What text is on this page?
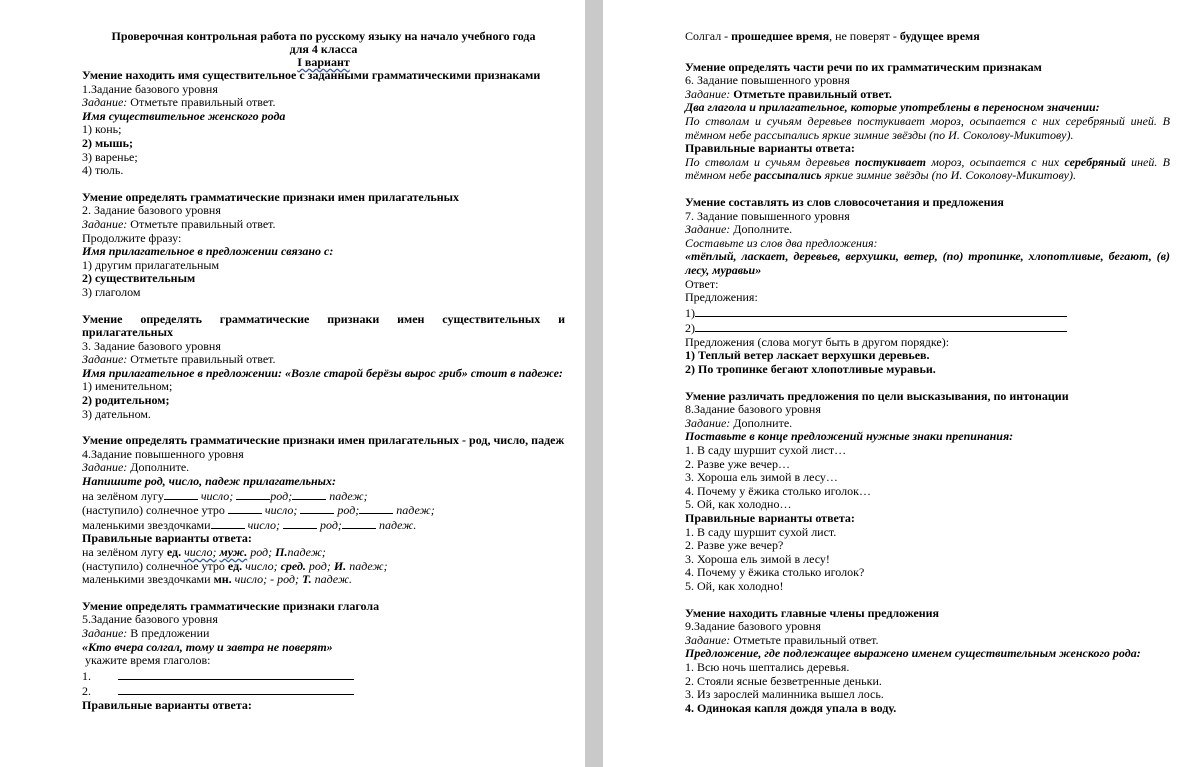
Проверочная контрольная работа по русскому языку на начало учебного года
для 4 класса
I вариант
Умение находить имя существительное с заданными грамматическими признаками
1.Задание базового уровня
Задание: Отметьте правильный ответ.
Имя существительное женского рода
1) конь;
2) мышь;
3) варенье;
4) тюль.
Умение определять грамматические признаки имен прилагательных
2. Задание базового уровня
Задание: Отметьте правильный ответ.
Продолжите фразу:
Имя прилагательное в предложении связано с:
1) другим прилагательным
2) существительным
3) глаголом
Умение определять грамматические признаки имен существительных и прилагательных
3. Задание базового уровня
Задание: Отметьте правильный ответ.
Имя прилагательное в предложении: «Возле старой берёзы вырос гриб» стоит в падеже:
1) именительном;
2) родительном;
3) дательном.
Умение определять грамматические признаки имен прилагательных - род, число, падеж
4.Задание повышенного уровня
Задание: Дополните.
Напишите род, число, падеж прилагательных:
на зелёном лугу	число;	род;	падеж;
(наступило) солнечное утро	число;	род;	падеж;
маленькими звездочками	число;	род;	падеж.
Правильные варианты ответа:
на зелёном лугу ед. число; муж. род; П.падеж;
(наступило) солнечное утро ед. число; сред. род; И. падеж;
маленькими звездочками мн. число; - род; Т. падеж.
Умение определять грамматические признаки глагола
5.Задание базового уровня
Задание: В предложении
«Кто вчера солгал, тому и завтра не поверят»
укажите время глаголов:
1.
2.
Правильные варианты ответа:
Солгал - прошедшее время, не поверят - будущее время
Умение определять части речи по их грамматическим признакам
6. Задание повышенного уровня
Задание: Отметьте правильный ответ.
Два глагола и прилагательное, которые употреблены в переносном значении:
По стволам и сучьям деревьев постукивает мороз, осыпается с них серебряный иней. В тёмном небе рассыпались яркие зимние звёзды (по И. Соколову-Микитову).
Правильные варианты ответа:
По стволам и сучьям деревьев постукивает мороз, осыпается с них серебряный иней. В тёмном небе рассыпались яркие зимние звёзды (по И. Соколову-Микитову).
Умение составлять из слов словосочетания и предложения
7. Задание повышенного уровня
Задание: Дополните.
Составьте из слов два предложения:
«тёплый, ласкает, деревьев, верхушки, ветер, (по) тропинке, хлопотливые, бегают, (в) лесу, муравьи»
Ответ:
Предложения:
1)
2)
Предложения (слова могут быть в другом порядке):
1) Теплый ветер ласкает верхушки деревьев.
2) По тропинке бегают хлопотливые муравьи.
Умение различать предложения по цели высказывания, по интонации
8.Задание базового уровня
Задание: Дополните.
Поставьте в конце предложений нужные знаки препинания:
1. В саду шуршит сухой лист…
2. Разве уже вечер…
3. Хороша ель зимой в лесу…
4. Почему у ёжика столько иголок…
5. Ой, как холодно…
Правильные варианты ответа:
1. В саду шуршит сухой лист.
2. Разве уже вечер?
3. Хороша ель зимой в лесу!
4. Почему у ёжика столько иголок?
5. Ой, как холодно!
Умение находить главные члены предложения
9.Задание базового уровня
Задание: Отметьте правильный ответ.
Предложение, где подлежащее выражено именем существительным женского рода:
1. Всю ночь шептались деревья.
2. Стояли ясные безветренные деньки.
3. Из зарослей малинника вышел лось.
4. Одинокая капля дождя упала в воду.
